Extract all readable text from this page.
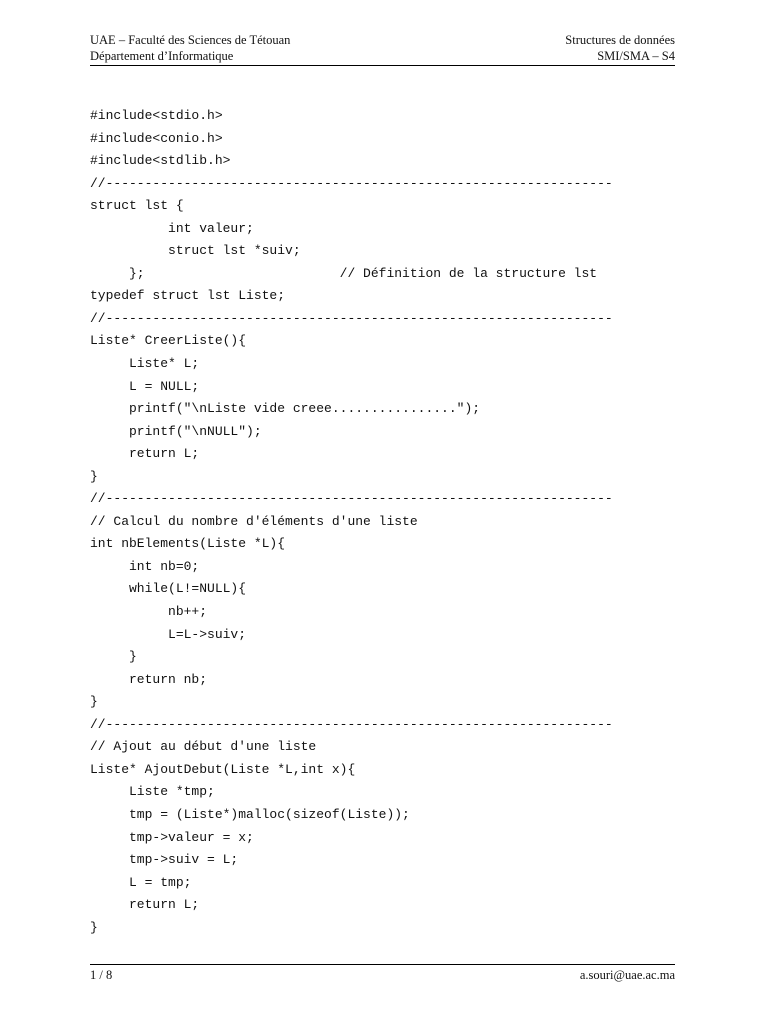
UAE – Faculté des Sciences de Tétouan	Structures de données
Département d’Informatique	SMI/SMA – S4
#include<stdio.h>
#include<conio.h>
#include<stdlib.h>
//-----------------------------------------------------------------
struct lst {
int valeur;
struct lst *suiv;
};                         // Définition de la structure lst
typedef struct lst Liste;
//-----------------------------------------------------------------
Liste* CreerListe(){
Liste* L;
L = NULL;
printf("\nListe vide creee................");
printf("\nNULL");
return L;
}
//-----------------------------------------------------------------
// Calcul du nombre d'éléments d'une liste
int nbElements(Liste *L){
int nb=0;
while(L!=NULL){
nb++;
L=L->suiv;
}
return nb;
}
//-----------------------------------------------------------------
// Ajout au début d'une liste
Liste* AjoutDebut(Liste *L,int x){
Liste *tmp;
tmp = (Liste*)malloc(sizeof(Liste));
tmp->valeur = x;
tmp->suiv = L;
L = tmp;
return L;
}
1 / 8	a.souri@uae.ac.ma
